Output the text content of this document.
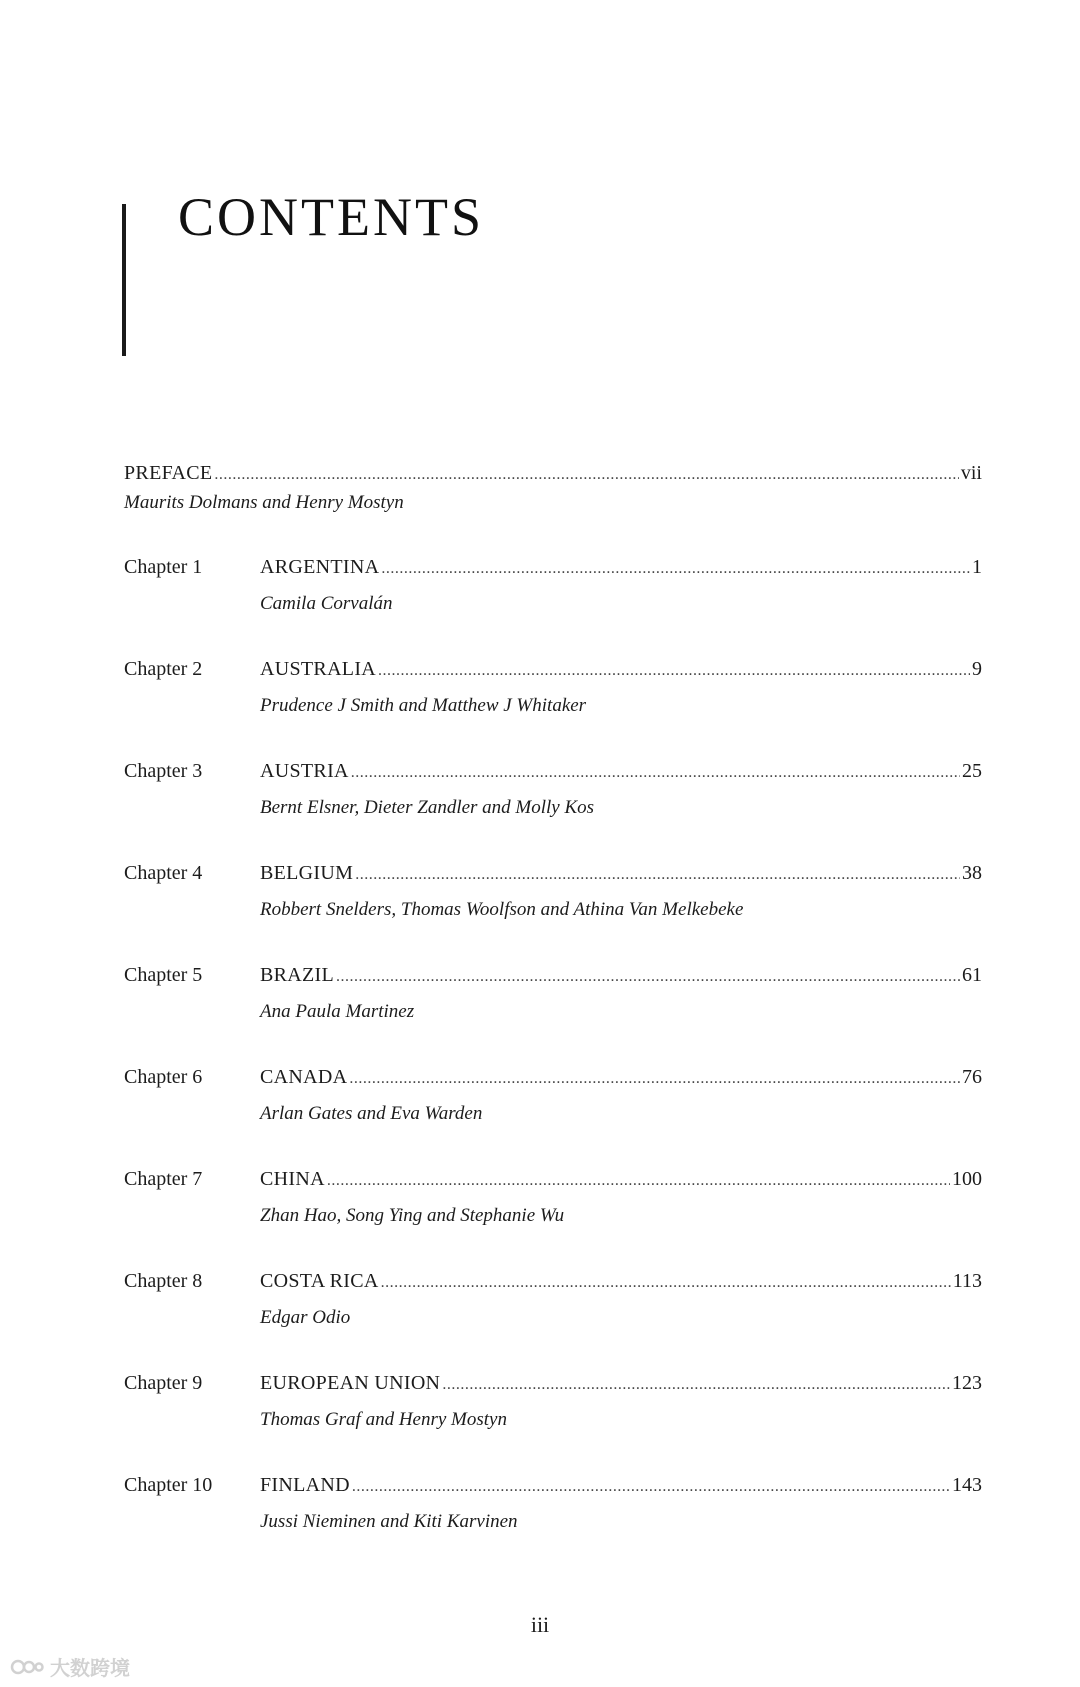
CONTENTS
PREFACE .....	vii
Maurits Dolmans and Henry Mostyn
Chapter 1	ARGENTINA .....	1
Camila Corvalán
Chapter 2	AUSTRALIA .....	9
Prudence J Smith and Matthew J Whitaker
Chapter 3	AUSTRIA .....	25
Bernt Elsner, Dieter Zandler and Molly Kos
Chapter 4	BELGIUM .....	38
Robbert Snelders, Thomas Woolfson and Athina Van Melkebeke
Chapter 5	BRAZIL .....	61
Ana Paula Martinez
Chapter 6	CANADA .....	76
Arlan Gates and Eva Warden
Chapter 7	CHINA .....	100
Zhan Hao, Song Ying and Stephanie Wu
Chapter 8	COSTA RICA .....	113
Edgar Odio
Chapter 9	EUROPEAN UNION .....	123
Thomas Graf and Henry Mostyn
Chapter 10 FINLAND .....	143
Jussi Nieminen and Kiti Karvinen
iii
大数跨境
